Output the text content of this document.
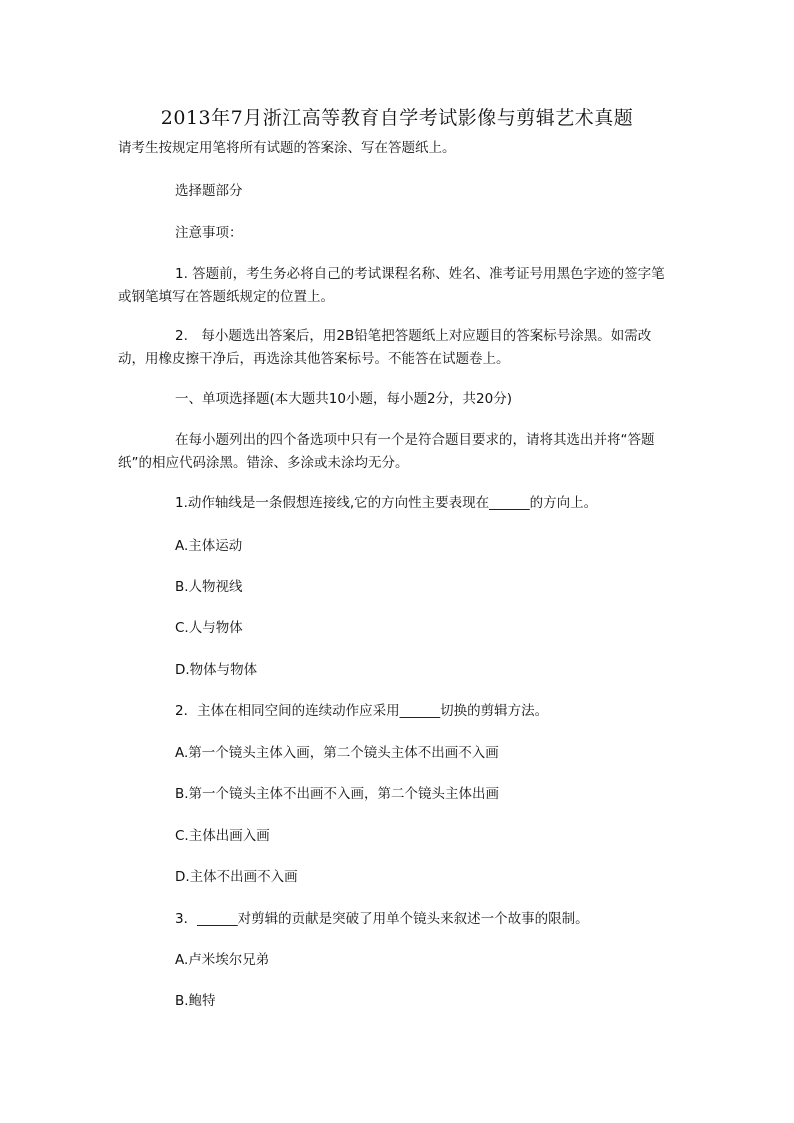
2013年7月浙江高等教育自学考试影像与剪辑艺术真题
请考生按规定用笔将所有试题的答案涂、写在答题纸上。
选择题部分
注意事项：
1. 答题前，考生务必将自己的考试课程名称、姓名、准考证号用黑色字迹的签字笔或钢笔填写在答题纸规定的位置上。
2.　每小题选出答案后，用2B铅笔把答题纸上对应题目的答案标号涂黑。如需改动，用橡皮擦干净后，再选涂其他答案标号。不能答在试题卷上。
一、单项选择题(本大题共10小题，每小题2分，共20分)
在每小题列出的四个备选项中只有一个是符合题目要求的，请将其选出并将“答题纸”的相应代码涂黑。错涂、多涂或未涂均无分。
1.动作轴线是一条假想连接线,它的方向性主要表现在______的方向上。
A.主体运动
B.人物视线
C.人与物体
D.物体与物体
2．主体在相同空间的连续动作应采用______切换的剪辑方法。
A.第一个镜头主体入画，第二个镜头主体不出画不入画
B.第一个镜头主体不出画不入画，第二个镜头主体出画
C.主体出画入画
D.主体不出画不入画
3．______对剪辑的贡献是突破了用单个镜头来叙述一个故事的限制。
A.卢米埃尔兄弟
B.鲍特
